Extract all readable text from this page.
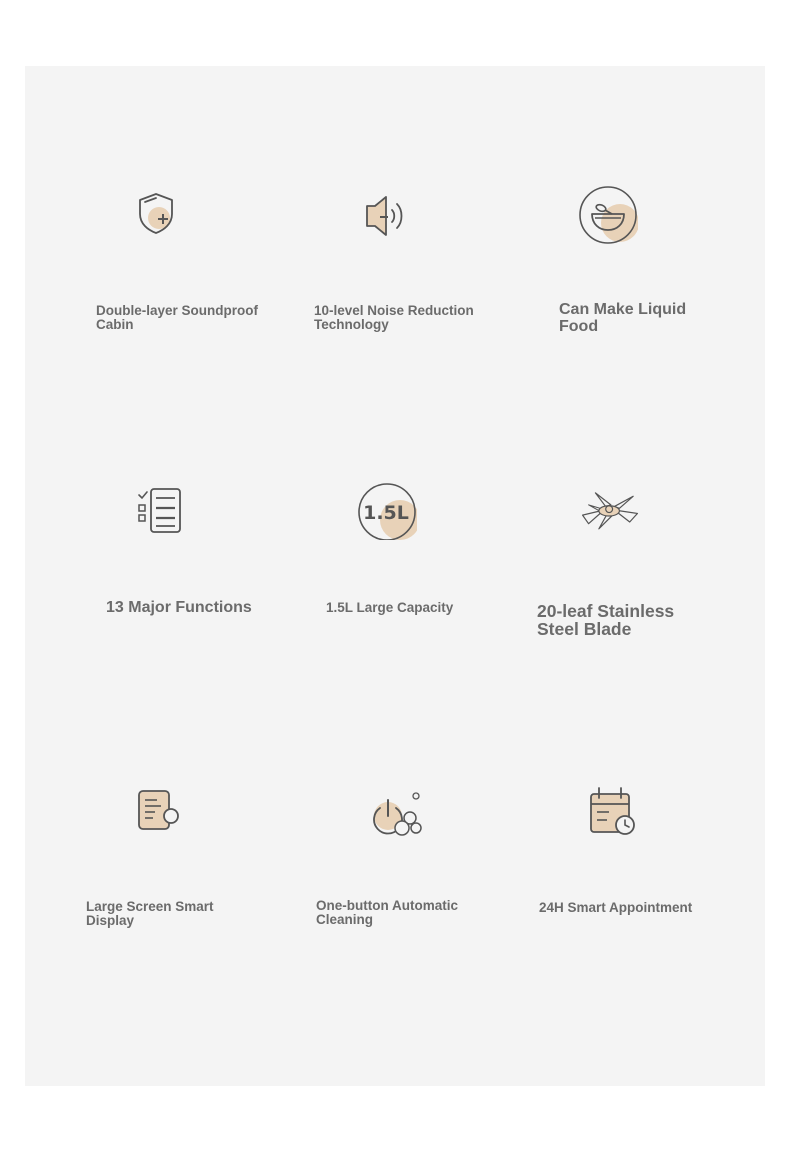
Double-layer Soundproof
Cabin
10-level Noise Reduction
Technology
Can Make Liquid
Food
13 Major Functions
1.5L
1.5L Large Capacity	20-leaf Stainless
Steel Blade
Large Screen Smart
Display
One-button Automatic
Cleaning
24H Smart Appointment
